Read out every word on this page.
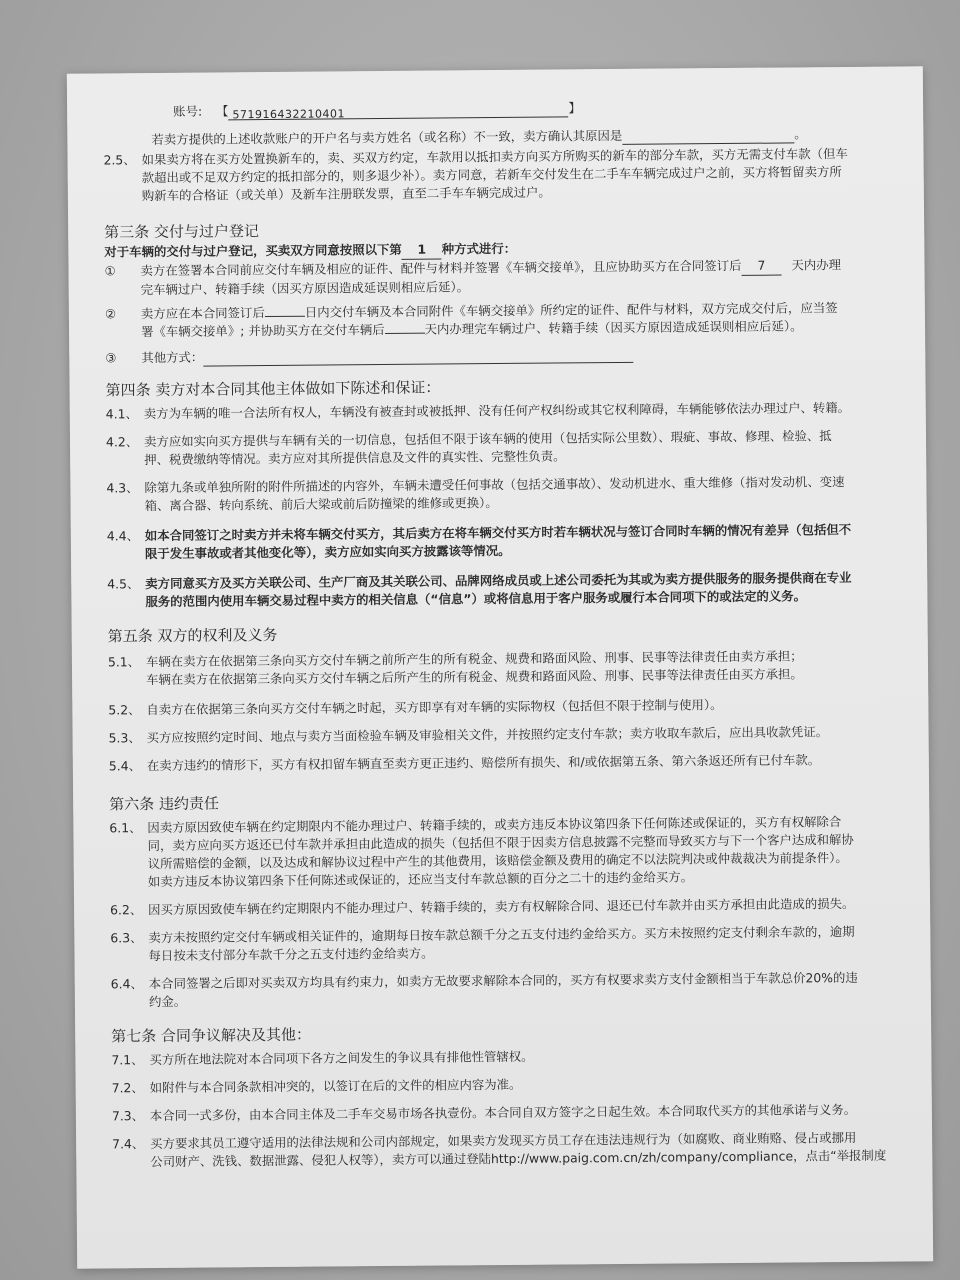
账号: 【 571916432210401	】
若卖方提供的上述收款账户的开户名与卖方姓名（或名称）不一致，卖方确认其原因是	。
2.5、 如果卖方将在买方处置换新车的，卖、买双方约定，车款用以抵扣卖方向买方所购买的新车的部分车款，买方无需支付车款（但车
款超出或不足双方约定的抵扣部分的，则多退少补）。卖方同意，若新车交付发生在二手车车辆完成过户之前，买方将暂留卖方所
购新车的合格证（或关单）及新车注册联发票，直至二手车车辆完成过户。
第三条 交付与过户登记
对于车辆的交付与过户登记，买卖双方同意按照以下第 1 种方式进行：
①	卖方在签署本合同前应交付车辆及相应的证件、配件与材料并签署《车辆交接单》，且应协助买方在合同签订后 7 天内办理
完车辆过户、转籍手续（因买方原因造成延误则相应后延）。
②	卖方应在本合同签订后	日内交付车辆及本合同附件《车辆交接单》所约定的证件、配件与材料，双方完成交付后，应当签
署《车辆交接单》; 并协助买方在交付车辆后	天内办理完车辆过户、转籍手续（因买方原因造成延误则相应后延）。
③	其他方式：
第四条 卖方对本合同其他主体做如下陈述和保证：
4.1、 卖方为车辆的唯一合法所有权人，车辆没有被查封或被抵押、没有任何产权纠纷或其它权利障碍，车辆能够依法办理过户、转籍。
4.2、 卖方应如实向买方提供与车辆有关的一切信息，包括但不限于该车辆的使用（包括实际公里数）、瑕疵、事故、修理、检验、抵
押、税费缴纳等情况。卖方应对其所提供信息及文件的真实性、完整性负责。
4.3、 除第九条或单独所附的附件所描述的内容外，车辆未遭受任何事故（包括交通事故）、发动机进水、重大维修（指对发动机、变速
箱、离合器、转向系统、前后大梁或前后防撞梁的维修或更换）。
4.4、 如本合同签订之时卖方并未将车辆交付买方，其后卖方在将车辆交付买方时若车辆状况与签订合同时车辆的情况有差异（包括但不
限于发生事故或者其他变化等），卖方应如实向买方披露该等情况。
4.5、 卖方同意买方及买方关联公司、生产厂商及其关联公司、品牌网络成员或上述公司委托为其或为卖方提供服务的服务提供商在专业
服务的范围内使用车辆交易过程中卖方的相关信息（“信息”）或将信息用于客户服务或履行本合同项下的或法定的义务。
第五条 双方的权利及义务
5.1、 车辆在卖方在依据第三条向买方交付车辆之前所产生的所有税金、规费和路面风险、刑事、民事等法律责任由卖方承担；
车辆在卖方在依据第三条向买方交付车辆之后所产生的所有税金、规费和路面风险、刑事、民事等法律责任由买方承担。
5.2、 自卖方在依据第三条向买方交付车辆之时起，买方即享有对车辆的实际物权（包括但不限于控制与使用）。
5.3、 买方应按照约定时间、地点与卖方当面检验车辆及审验相关文件，并按照约定支付车款；卖方收取车款后，应出具收款凭证。
5.4、 在卖方违约的情形下，买方有权扣留车辆直至卖方更正违约、赔偿所有损失、和/或依据第五条、第六条返还所有已付车款。
第六条 违约责任
6.1、 因卖方原因致使车辆在约定期限内不能办理过户、转籍手续的，或卖方违反本协议第四条下任何陈述或保证的，买方有权解除合
同，卖方应向买方返还已付车款并承担由此造成的损失（包括但不限于因卖方信息披露不完整而导致买方与下一个客户达成和解协
议所需赔偿的金额，以及达成和解协议过程中产生的其他费用，该赔偿金额及费用的确定不以法院判决或仲裁裁决为前提条件）。
如卖方违反本协议第四条下任何陈述或保证的，还应当支付车款总额的百分之二十的违约金给买方。
6.2、 因买方原因致使车辆在约定期限内不能办理过户、转籍手续的，卖方有权解除合同、退还已付车款并由买方承担由此造成的损失。
6.3、 卖方未按照约定交付车辆或相关证件的，逾期每日按车款总额千分之五支付违约金给买方。买方未按照约定支付剩余车款的，逾期
每日按未支付部分车款千分之五支付违约金给卖方。
6.4、 本合同签署之后即对买卖双方均具有约束力，如卖方无故要求解除本合同的，买方有权要求卖方支付金额相当于车款总价20%的违
约金。
第七条 合同争议解决及其他：
7.1、 买方所在地法院对本合同项下各方之间发生的争议具有排他性管辖权。
7.2、 如附件与本合同条款相冲突的，以签订在后的文件的相应内容为准。
7.3、 本合同一式多份，由本合同主体及二手车交易市场各执壹份。本合同自双方签字之日起生效。本合同取代买方的其他承诺与义务。
7.4、 买方要求其员工遵守适用的法律法规和公司内部规定，如果卖方发现买方员工存在违法违规行为（如腐败、商业贿赂、侵占或挪用
公司财产、洗钱、数据泄露、侵犯人权等），卖方可以通过登陆http://www.paig.com.cn/zh/company/compliance，点击“举报制度
